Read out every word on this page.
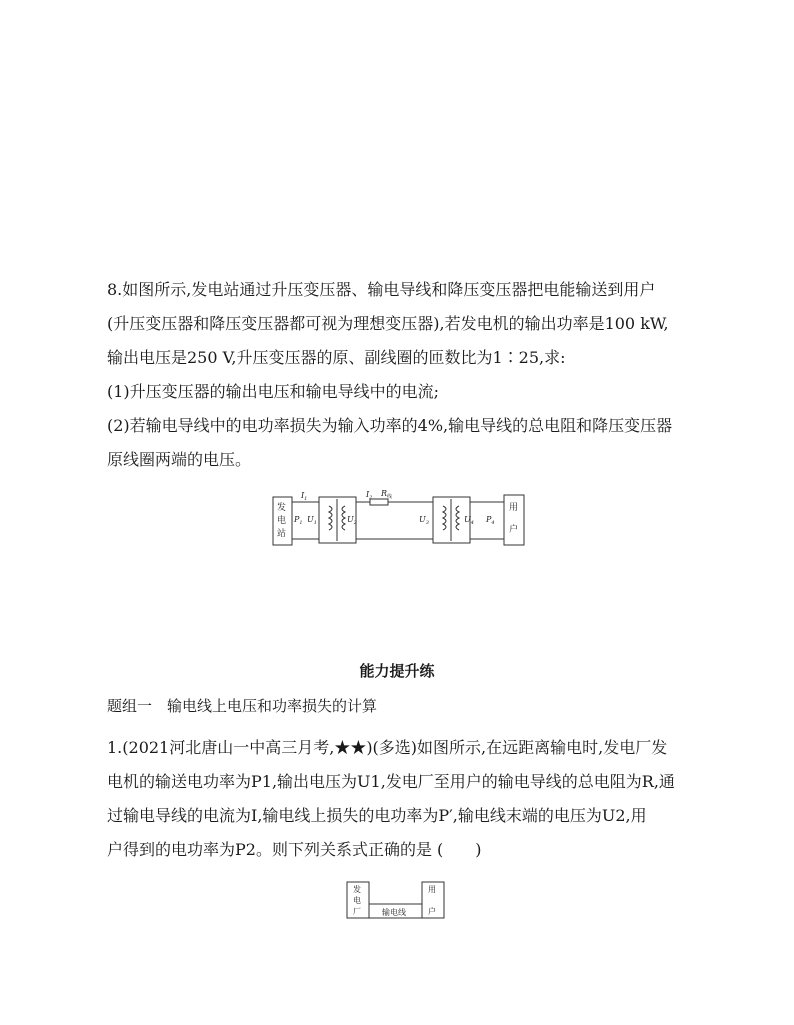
8.如图所示,发电站通过升压变压器、输电导线和降压变压器把电能输送到用户
(升压变压器和降压变压器都可视为理想变压器),若发电机的输出功率是100 kW,
输出电压是250 V,升压变压器的原、副线圈的匝数比为1∶25,求:
(1)升压变压器的输出电压和输电导线中的电流;
(2)若输电导线中的电功率损失为输入功率的4%,输电导线的总电阻和降压变压器
原线圈两端的电压。
发
电
站
用
户
$I_1$	$I_2$ $R_线$
$P_1$ $U_1$	$U_2$	$U_3$	$U_4$ $P_4$
能力提升练
题组一　输电线上电压和功率损失的计算
1.(2021河北唐山一中高三月考,★★)(多选)如图所示,在远距离输电时,发电厂发
电机的输送电功率为P1,输出电压为U1,发电厂至用户的输电导线的总电阻为R,通
过输电导线的电流为I,输电线上损失的电功率为P′,输电线末端的电压为U2,用
户得到的电功率为P2。则下列关系式正确的是 (　　)
发
电
厂
用
户
输电线
